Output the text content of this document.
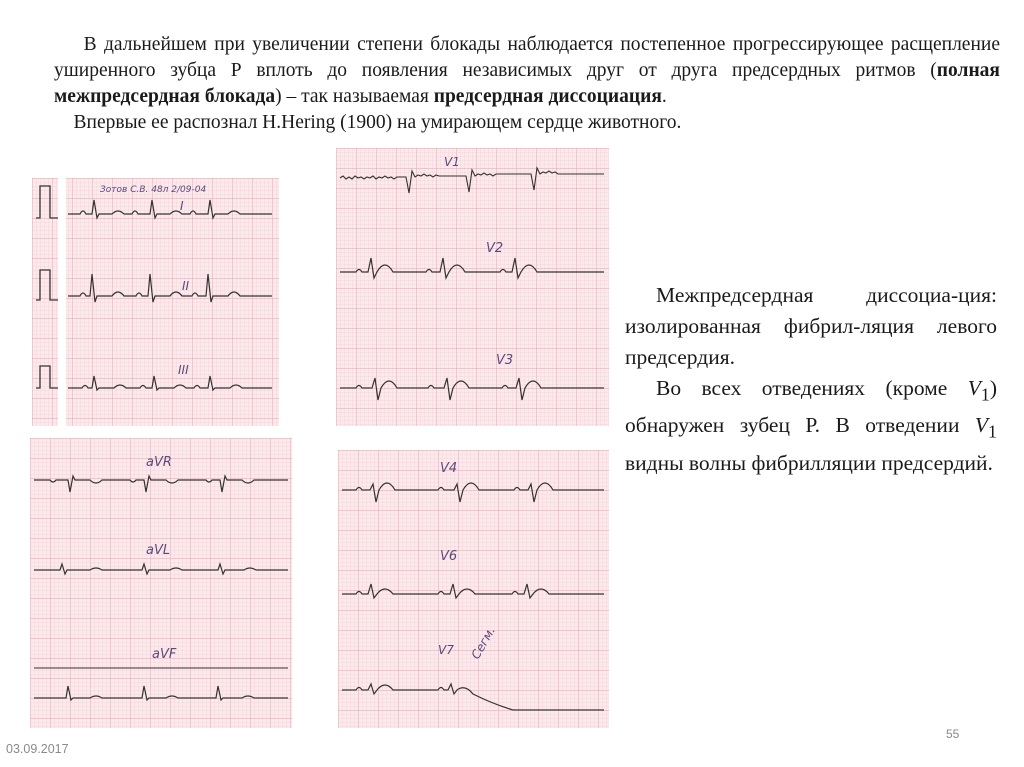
В дальнейшем при увеличении степени блокады наблюдается постепенное прогрессирующее расщепление уширенного зубца Р вплоть до появления независимых друг от друга предсердных ритмов (полная межпредсердная блокада) – так называемая предсердная диссоциация.

Впервые ее распознал Н.Hering (1900) на умирающем сердце животного.

Зотов С.В. 48л 2/09-04
I
II
III
V1
V2
V3
aVR
aVL
aVF
V4
V6
V7 Сегм.

Межпредсердная диссоциа-ция: изолированная фибрил-ляция левого предсердия.

Во всех отведениях (кроме $V_1$) обнаружен зубец Р. В отведении $V_1$ видны волны фибрилляции предсердий.

55
03.09.2017
